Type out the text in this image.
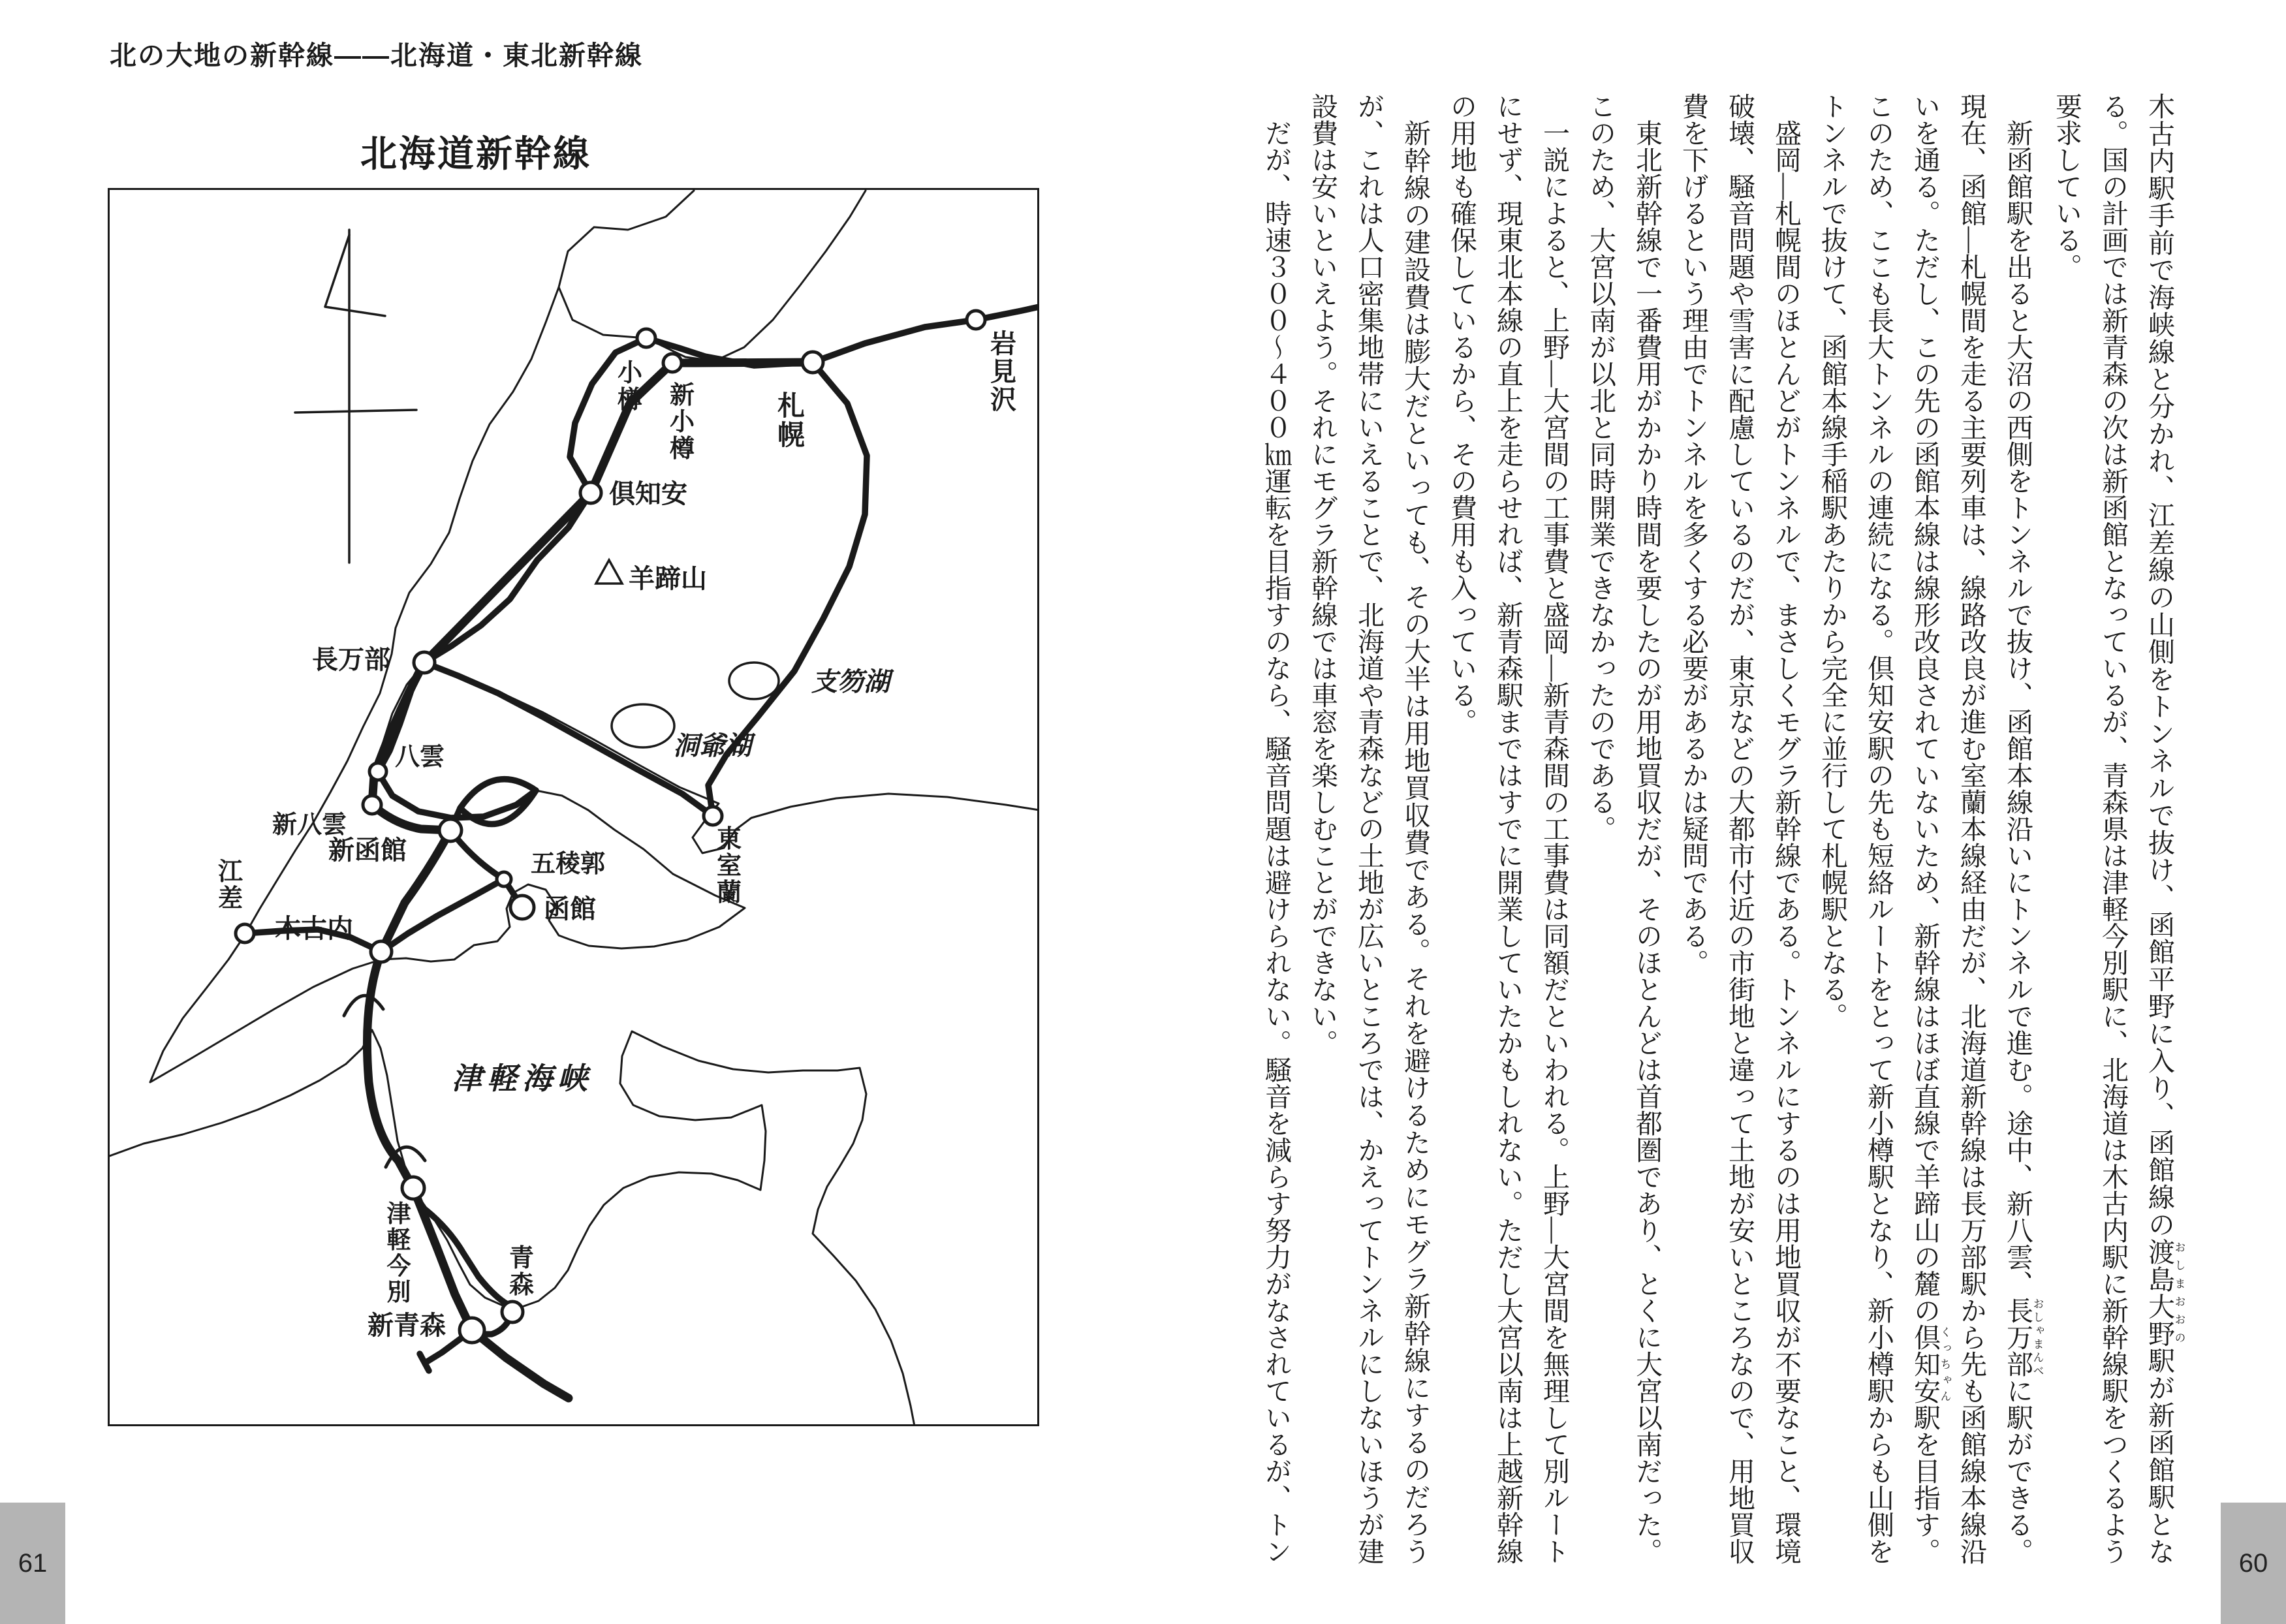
北の大地の新幹線――北海道・東北新幹線
北海道新幹線
支笏湖
洞爺湖
羊蹄山
津軽海峡
岩見沢
札幌
小樽 新小樽
倶知安
長万部
八雲
新八雲
東室蘭
江差
新函館	五稜郭
函館
木古内
津軽今別
青森
新青森

木古内駅手前で海峡線と分かれ、江差線の山側をトンネルで抜け、函館平野に入り、函館線の渡島大野おしまおおの駅が新函館駅となる。国の計画では新青森の次は新函館となっているが、青森県は津軽今別駅に、北海道は木古内駅に新幹線駅をつくるよう要求している。

新函館駅を出ると大沼の西側をトンネルで抜け、函館本線沿いにトンネルで進む。途中、新八雲、長万部おしゃまんべに駅ができる。現在、函館―札幌間を走る主要列車は、線路改良が進む室蘭本線経由だが、北海道新幹線は長万部駅から先も函館線本線沿いを通る。ただし、この先の函館本線は線形改良されていないため、新幹線はほぼ直線で羊蹄山の麓の倶知安くっちゃん駅を目指す。このため、ここも長大トンネルの連続になる。倶知安駅の先も短絡ルートをとって新小樽駅となり、新小樽駅からも山側をトンネルで抜けて、函館本線手稲駅あたりから完全に並行して札幌駅となる。

盛岡―札幌間のほとんどがトンネルで、まさしくモグラ新幹線である。トンネルにするのは用地買収が不要なこと、環境破壊、騒音問題や雪害に配慮しているのだが、東京などの大都市付近の市街地と違って土地が安いところなので、用地買収費を下げるという理由でトンネルを多くする必要があるかは疑問である。

東北新幹線で一番費用がかかり時間を要したのが用地買収だが、そのほとんどは首都圏であり、とくに大宮以南だった。このため、大宮以南が以北と同時開業できなかったのである。

一説によると、上野―大宮間の工事費と盛岡―新青森間の工事費は同額だといわれる。上野―大宮間を無理して別ルートにせず、現東北本線の直上を走らせれば、新青森駅まではすでに開業していたかもしれない。ただし大宮以南は上越新幹線の用地も確保しているから、その費用も入っている。

新幹線の建設費は膨大だといっても、その大半は用地買収費である。それを避けるためにモグラ新幹線にするのだろうが、これは人口密集地帯にいえることで、北海道や青森などの土地が広いところでは、かえってトンネルにしないほうが建設費は安いといえよう。それにモグラ新幹線では車窓を楽しむことができない。

だが、時速３００～４００㎞運転を目指すのなら、騒音問題は避けられない。騒音を減らす努力がなされているが、トン

61	60
